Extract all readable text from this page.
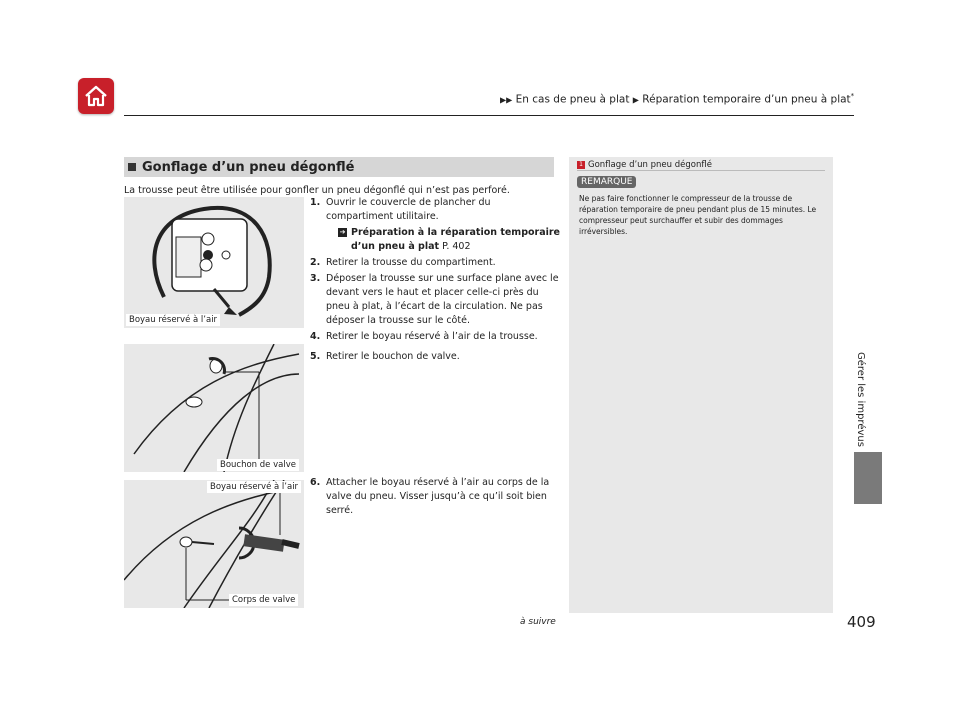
▶▶ En cas de pneu à plat ▶ Réparation temporaire d’un pneu à plat*
Gérer les imprévus
Gonflage d’un pneu dégonflé
La trousse peut être utilisée pour gonfler un pneu dégonflé qui n’est pas perforé.
1. Ouvrir le couvercle de plancher du compartiment utilitaire.
➔ Préparation à la réparation temporaire d’un pneu à plat P. 402
2. Retirer la trousse du compartiment.
3. Déposer la trousse sur une surface plane avec le devant vers le haut et placer celle-ci près du pneu à plat, à l’écart de la circulation. Ne pas déposer la trousse sur le côté.
4. Retirer le boyau réservé à l’air de la trousse.
5. Retirer le bouchon de valve.
6. Attacher le boyau réservé à l’air au corps de la valve du pneu. Visser jusqu’à ce qu’il soit bien serré.
Boyau réservé à l’air
Bouchon de valve
Boyau réservé à l’air
Corps de valve
1 Gonflage d’un pneu dégonflé
REMARQUE
Ne pas faire fonctionner le compresseur de la trousse de réparation temporaire de pneu pendant plus de 15 minutes. Le compresseur peut surchauffer et subir des dommages irréversibles.
à suivre	409
